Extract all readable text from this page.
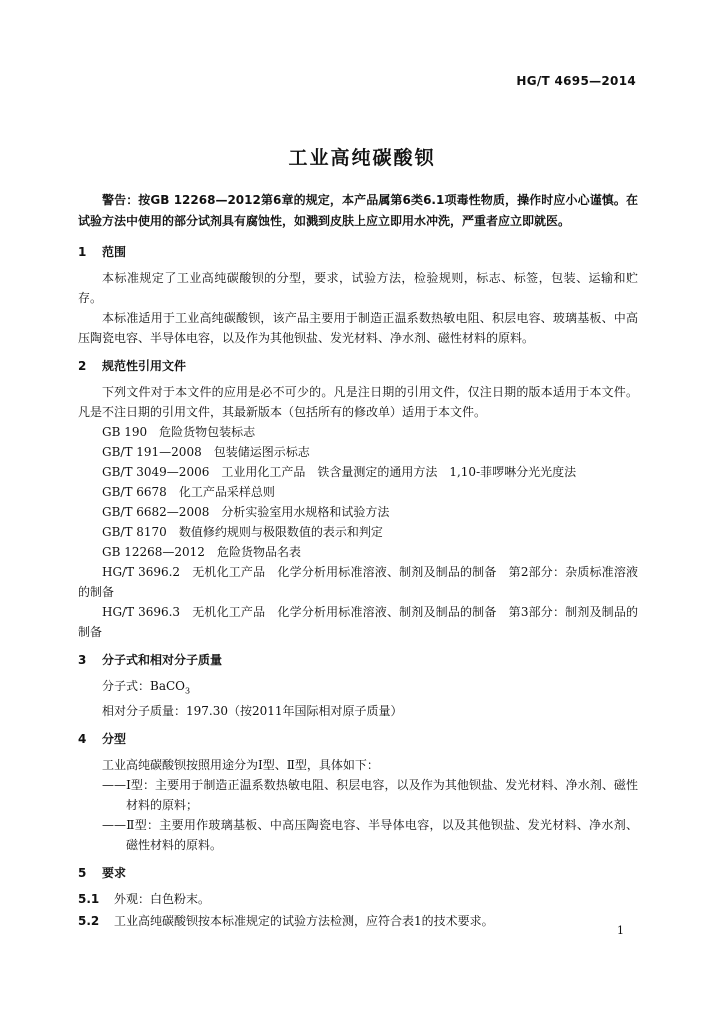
HG/T 4695—2014
工业高纯碳酸钡

警告：按GB 12268—2012第6章的规定，本产品属第6类6.1项毒性物质，操作时应小心谨慎。在试验方法中使用的部分试剂具有腐蚀性，如溅到皮肤上应立即用水冲洗，严重者应立即就医。

1 范围

本标准规定了工业高纯碳酸钡的分型，要求，试验方法，检验规则，标志、标签，包装、运输和贮存。

本标准适用于工业高纯碳酸钡，该产品主要用于制造正温系数热敏电阻、积层电容、玻璃基板、中高压陶瓷电容、半导体电容，以及作为其他钡盐、发光材料、净水剂、磁性材料的原料。

2 规范性引用文件

下列文件对于本文件的应用是必不可少的。凡是注日期的引用文件，仅注日期的版本适用于本文件。凡是不注日期的引用文件，其最新版本（包括所有的修改单）适用于本文件。

GB 190 危险货物包装标志

GB/T 191—2008 包装储运图示标志

GB/T 3049—2006 工业用化工产品　铁含量测定的通用方法　1,10-菲啰啉分光光度法

GB/T 6678 化工产品采样总则

GB/T 6682—2008 分析实验室用水规格和试验方法

GB/T 8170 数值修约规则与极限数值的表示和判定

GB 12268—2012 危险货物品名表

HG/T 3696.2 无机化工产品　化学分析用标准溶液、制剂及制品的制备　第2部分：杂质标准溶液的制备

HG/T 3696.3 无机化工产品　化学分析用标准溶液、制剂及制品的制备　第3部分：制剂及制品的制备

3 分子式和相对分子质量

分子式：BaCO$_3$

相对分子质量：197.30（按2011年国际相对原子质量）

4 分型

工业高纯碳酸钡按照用途分为Ⅰ型、Ⅱ型，具体如下：

——Ⅰ型：主要用于制造正温系数热敏电阻、积层电容，以及作为其他钡盐、发光材料、净水剂、磁性材料的原料；

——Ⅱ型：主要用作玻璃基板、中高压陶瓷电容、半导体电容，以及其他钡盐、发光材料、净水剂、磁性材料的原料。

5 要求

5.1 外观：白色粉末。

5.2 工业高纯碳酸钡按本标准规定的试验方法检测，应符合表1的技术要求。

1
